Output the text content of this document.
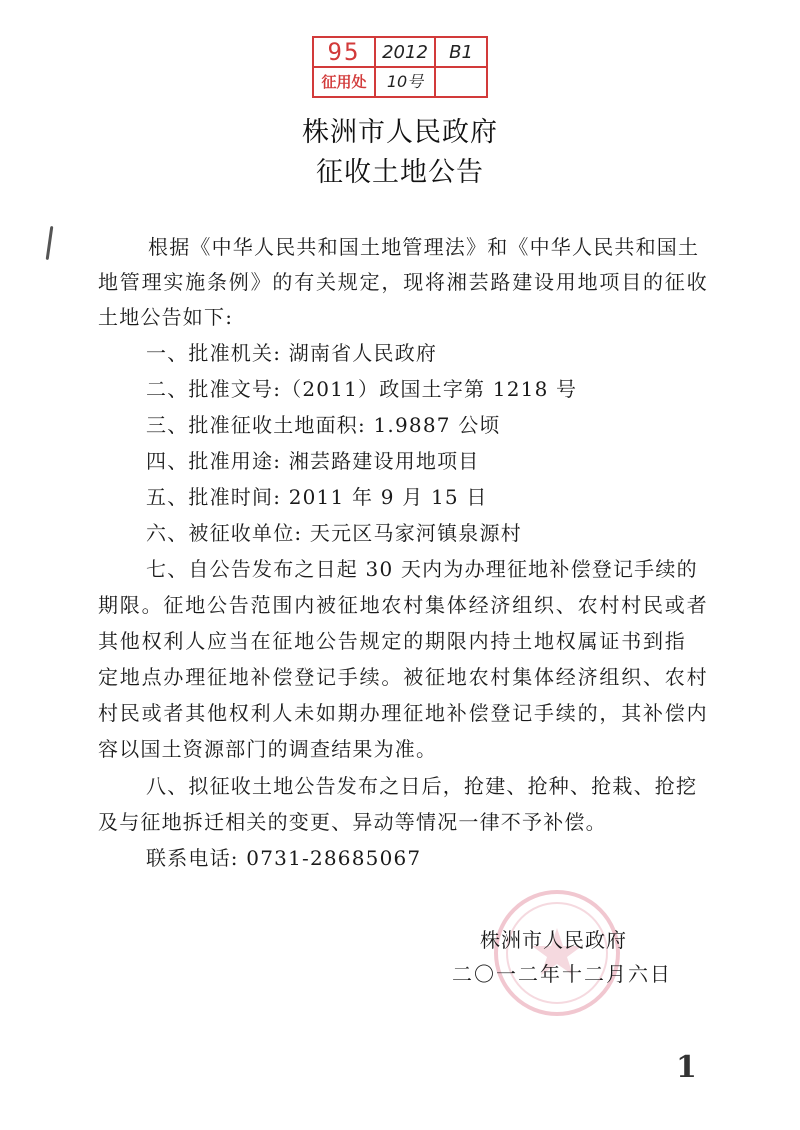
95	2012	B1
征用处	10号
株洲市人民政府
征收土地公告
根据《中华人民共和国土地管理法》和《中华人民共和国土
地管理实施条例》的有关规定，现将湘芸路建设用地项目的征收
土地公告如下:
一、批准机关: 湖南省人民政府
二、批准文号:（2011）政国土字第 1218 号
三、批准征收土地面积: 1.9887 公顷
四、批准用途: 湘芸路建设用地项目
五、批准时间: 2011 年 9 月 15 日
六、被征收单位: 天元区马家河镇泉源村
七、自公告发布之日起 30 天内为办理征地补偿登记手续的
期限。征地公告范围内被征地农村集体经济组织、农村村民或者
其他权利人应当在征地公告规定的期限内持土地权属证书到指
定地点办理征地补偿登记手续。被征地农村集体经济组织、农村
村民或者其他权利人未如期办理征地补偿登记手续的，其补偿内
容以国土资源部门的调查结果为准。
八、拟征收土地公告发布之日后，抢建、抢种、抢栽、抢挖
及与征地拆迁相关的变更、异动等情况一律不予补偿。
联系电话: 0731-28685067
株洲市人民政府
二〇一二年十二月六日
1
